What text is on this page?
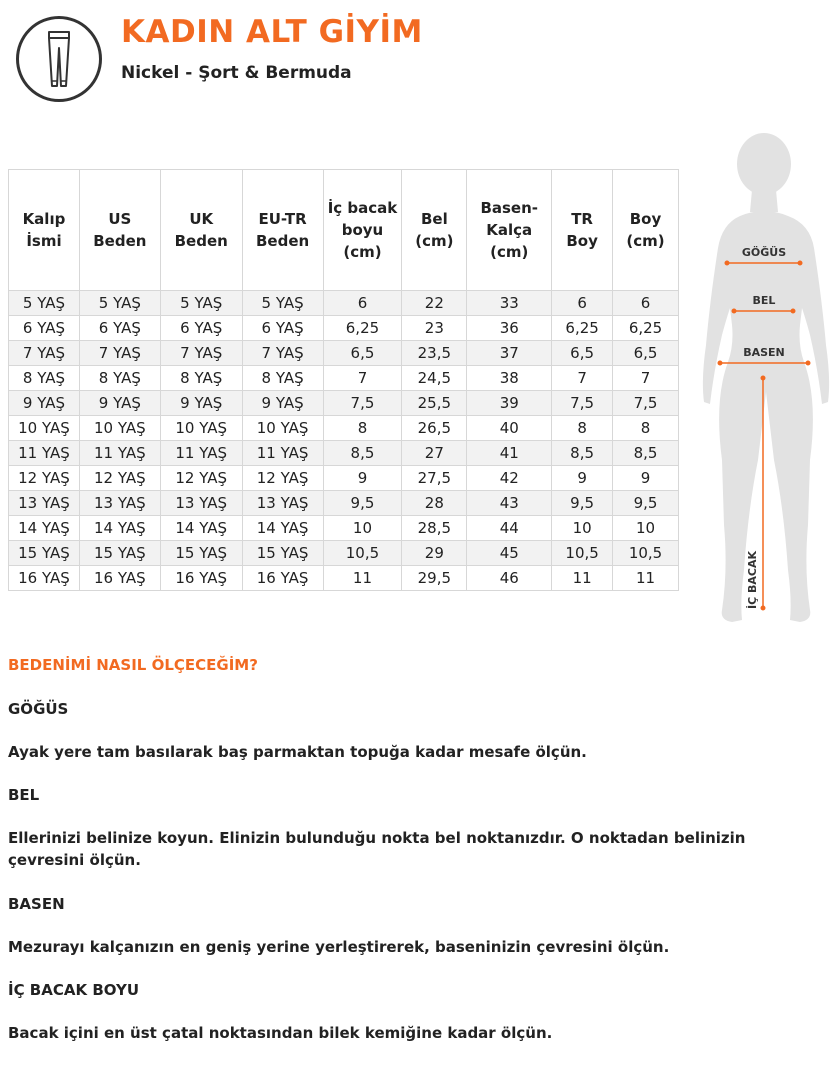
KADIN ALT GİYİM
Nickel - Şort & Bermuda
Kalıp İsmi	US Beden	UK Beden	EU-TR Beden	İç bacak boyu (cm)	Bel (cm)	Basen-Kalça (cm)	TR Boy	Boy (cm)
5 YAŞ	5 YAŞ	5 YAŞ	5 YAŞ	6	22	33	6	6
6 YAŞ	6 YAŞ	6 YAŞ	6 YAŞ	6,25	23	36	6,25	6,25
7 YAŞ	7 YAŞ	7 YAŞ	7 YAŞ	6,5	23,5	37	6,5	6,5
8 YAŞ	8 YAŞ	8 YAŞ	8 YAŞ	7	24,5	38	7	7
9 YAŞ	9 YAŞ	9 YAŞ	9 YAŞ	7,5	25,5	39	7,5	7,5
10 YAŞ	10 YAŞ	10 YAŞ	10 YAŞ	8	26,5	40	8	8
11 YAŞ	11 YAŞ	11 YAŞ	11 YAŞ	8,5	27	41	8,5	8,5
12 YAŞ	12 YAŞ	12 YAŞ	12 YAŞ	9	27,5	42	9	9
13 YAŞ	13 YAŞ	13 YAŞ	13 YAŞ	9,5	28	43	9,5	9,5
14 YAŞ	14 YAŞ	14 YAŞ	14 YAŞ	10	28,5	44	10	10
15 YAŞ	15 YAŞ	15 YAŞ	15 YAŞ	10,5	29	45	10,5	10,5
16 YAŞ	16 YAŞ	16 YAŞ	16 YAŞ	11	29,5	46	11	11
GÖĞÜS
BEL
BASEN
İÇ BACAK
BEDENİMİ NASIL ÖLÇECEĞİM?
GÖĞÜS
Ayak yere tam basılarak baş parmaktan topuğa kadar mesafe ölçün.
BEL
Ellerinizi belinize koyun. Elinizin bulunduğu nokta bel noktanızdır. O noktadan belinizin çevresini ölçün.
BASEN
Mezurayı kalçanızın en geniş yerine yerleştirerek, baseninizin çevresini ölçün.
İÇ BACAK BOYU
Bacak içini en üst çatal noktasından bilek kemiğine kadar ölçün.
